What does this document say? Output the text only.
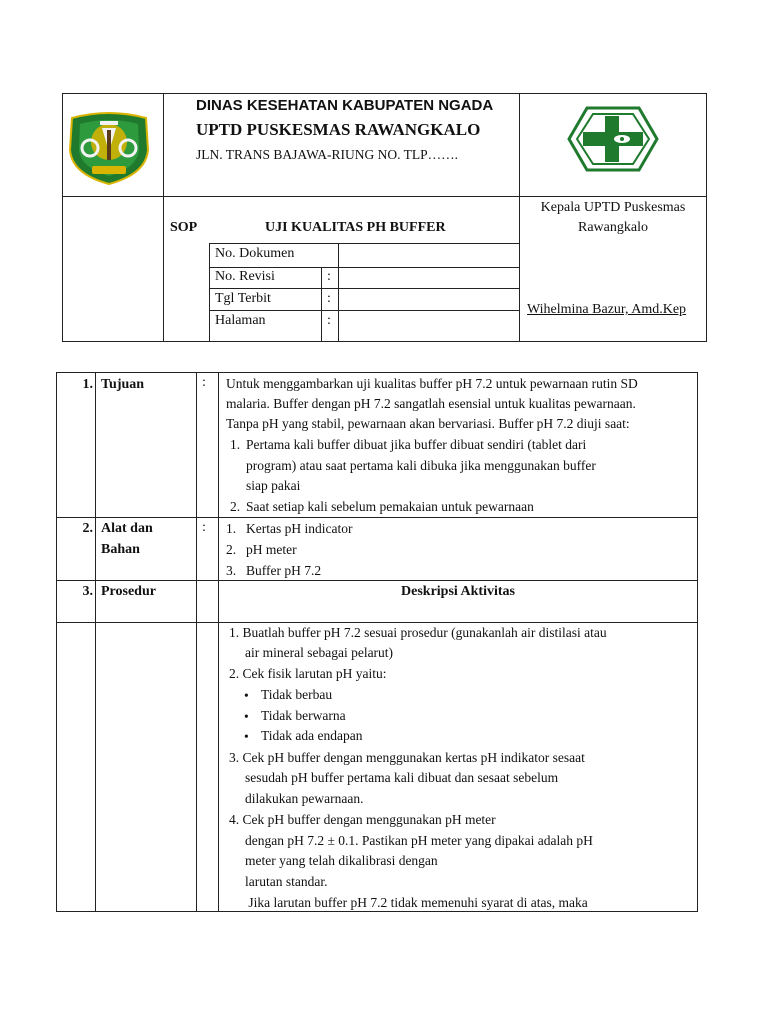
DINAS KESEHATAN KABUPATEN NGADA
UPTD PUSKESMAS RAWANGKALO
JLN. TRANS BAJAWA-RIUNG NO. TLP…….
SOP	UJI KUALITAS PH BUFFER
No. Dokumen
No. Revisi	:
Tgl Terbit	:
Halaman	:
Kepala UPTD Puskesmas
Rawangkalo
Wihelmina Bazur, Amd.Kep
1. Tujuan	: Untuk menggambarkan uji kualitas buffer pH 7.2 untuk pewarnaan rutin SD
malaria. Buffer dengan pH 7.2 sangatlah esensial untuk kualitas pewarnaan.
Tanpa pH yang stabil, pewarnaan akan bervariasi. Buffer pH 7.2 diuji saat:
1. Pertama kali buffer dibuat jika buffer dibuat sendiri (tablet dari
program) atau saat pertama kali dibuka jika menggunakan buffer
siap pakai
2. Saat setiap kali sebelum pemakaian untuk pewarnaan
2. Alat dan
Bahan
: 1. Kertas pH indicator
2. pH meter
3. Buffer pH 7.2
3. Prosedur	Deskripsi Aktivitas
1. Buatlah buffer pH 7.2 sesuai prosedur (gunakanlah air distilasi atau
air mineral sebagai pelarut)
2. Cek fisik larutan pH yaitu:
• Tidak berbau
• Tidak berwarna
• Tidak ada endapan
3. Cek pH buffer dengan menggunakan kertas pH indikator sesaat
sesudah pH buffer pertama kali dibuat dan sesaat sebelum
dilakukan pewarnaan.
4. Cek pH buffer dengan menggunakan pH meter
dengan pH 7.2 ± 0.1. Pastikan pH meter yang dipakai adalah pH
meter yang telah dikalibrasi dengan
larutan standar.
Jika larutan buffer pH 7.2 tidak memenuhi syarat di atas, maka
